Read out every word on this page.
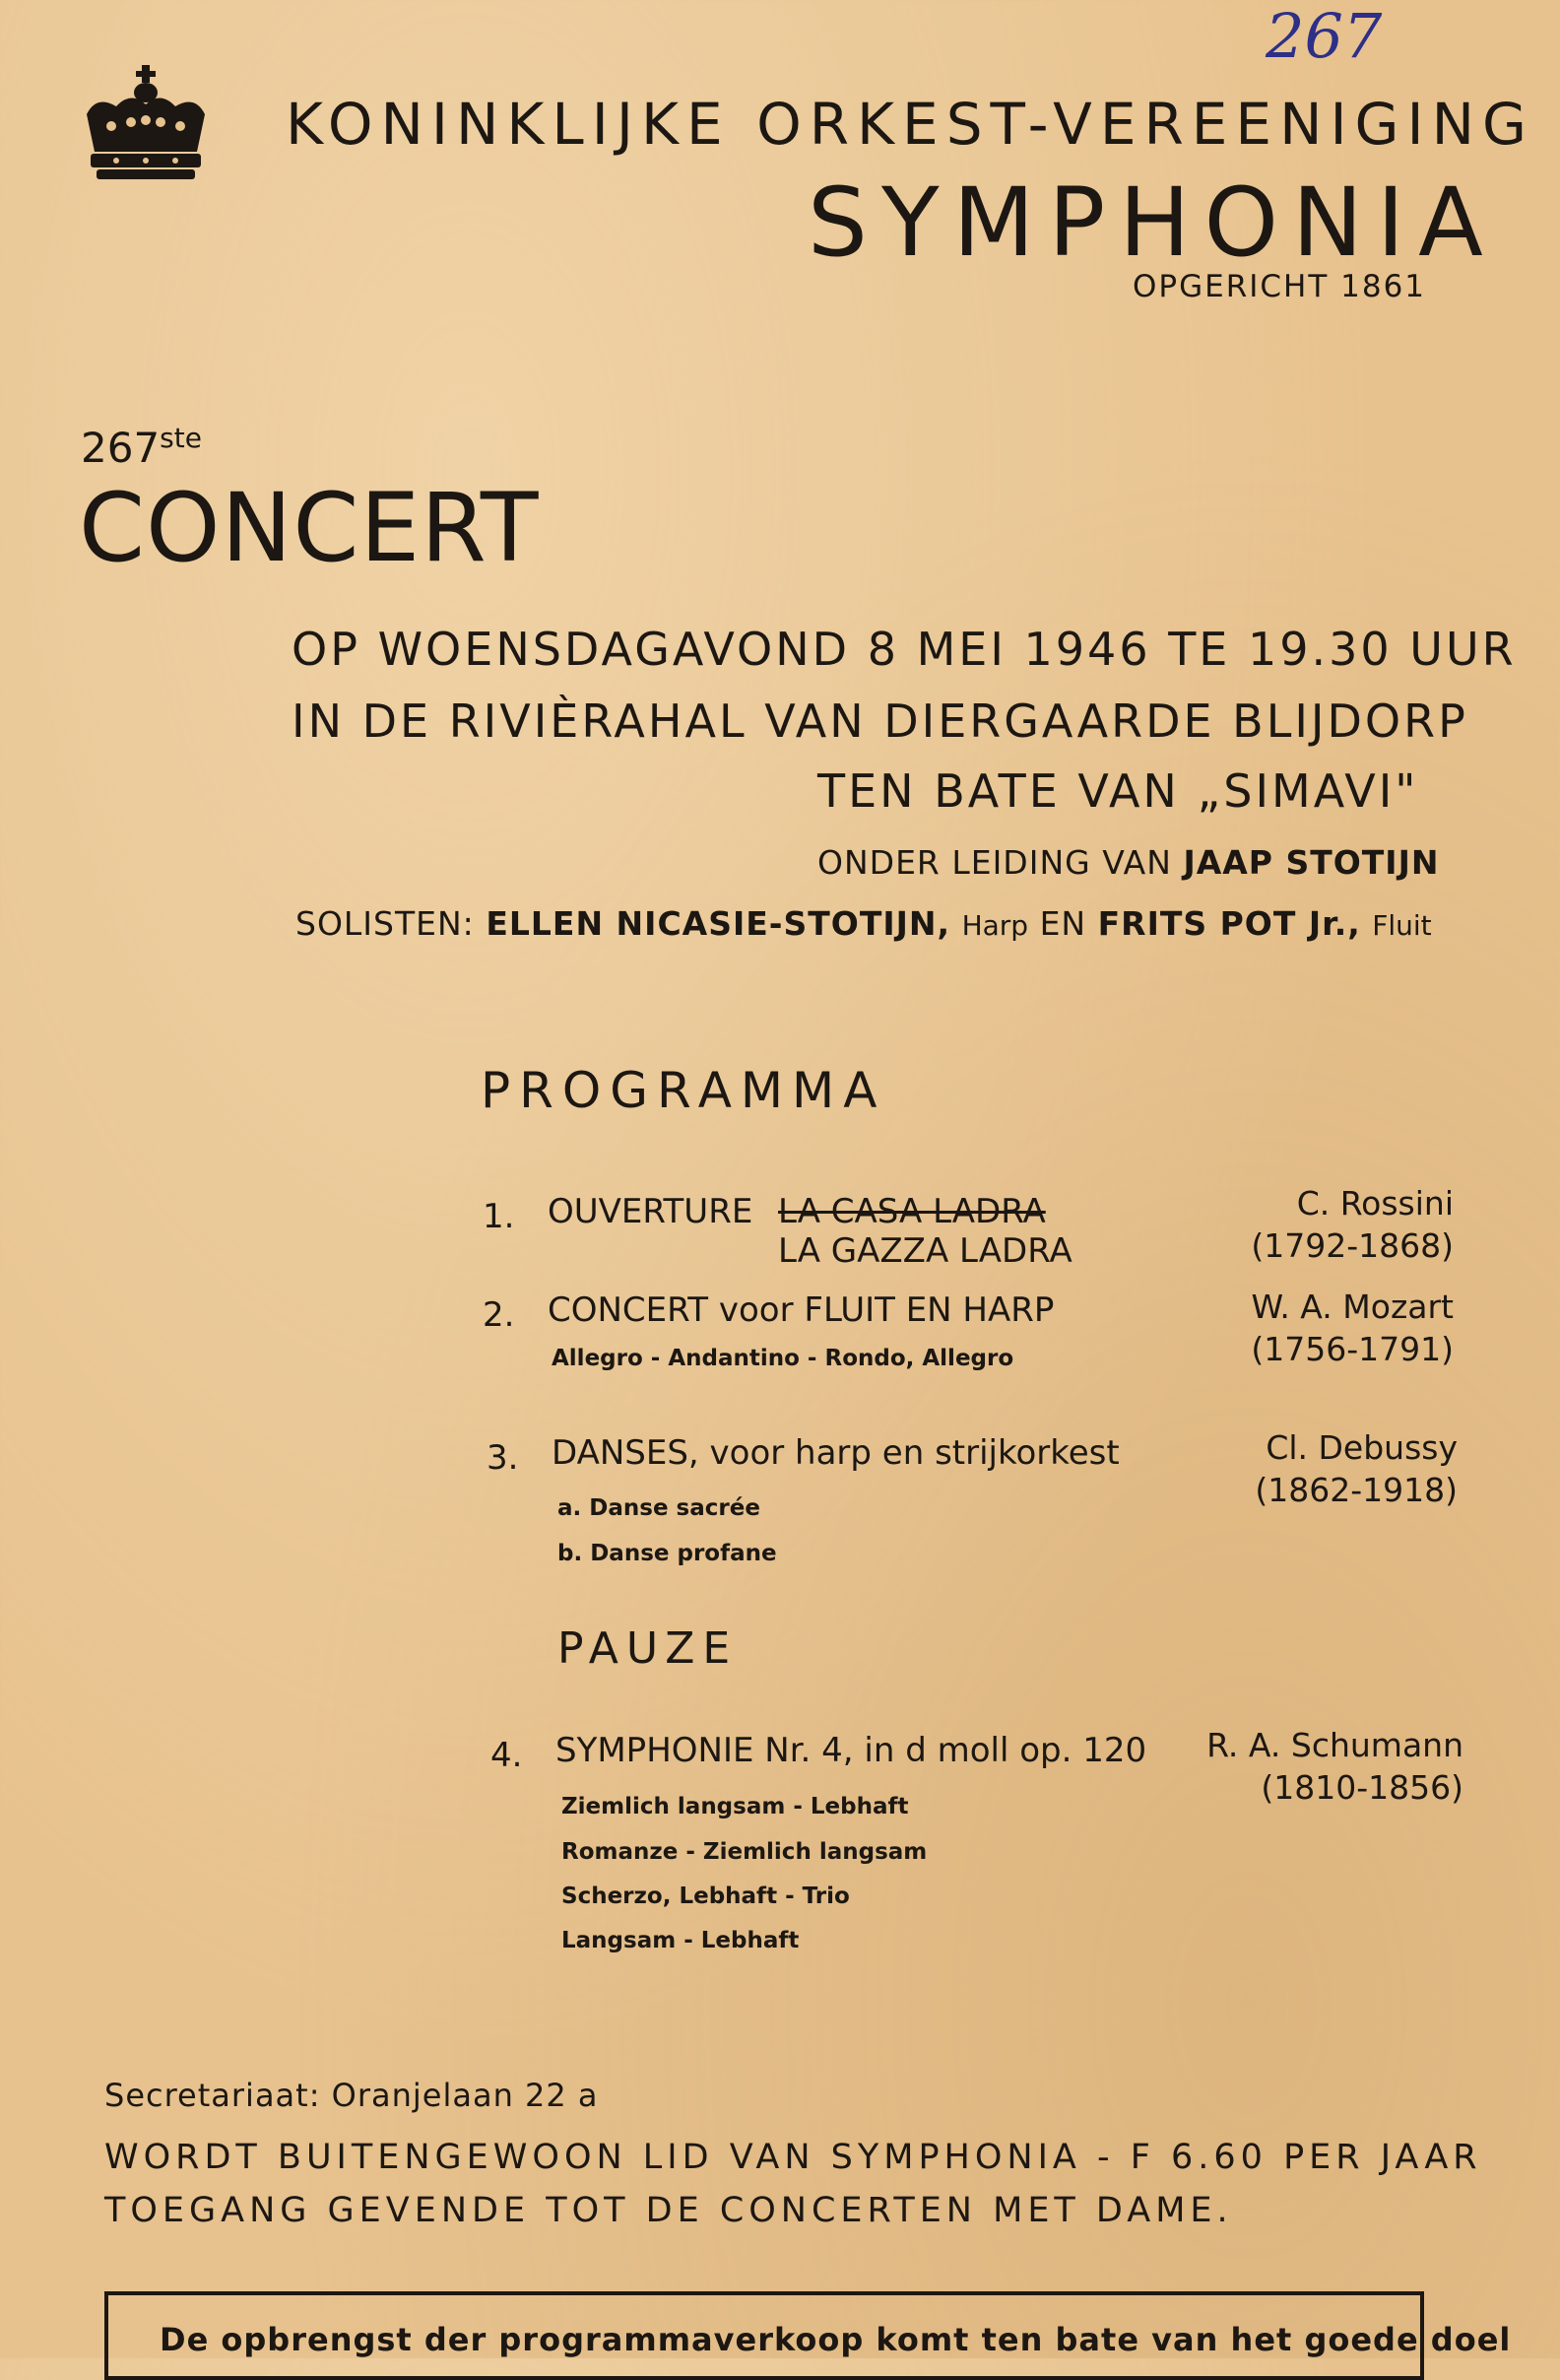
267
KONINKLIJKE ORKEST-VEREENIGING
SYMPHONIA
OPGERICHT 1861
267ste
CONCERT
OP WOENSDAGAVOND 8 MEI 1946 TE 19.30 UUR
IN DE RIVIÈRAHAL VAN DIERGAARDE BLIJDORP
TEN BATE VAN „SIMAVI"
ONDER LEIDING VAN JAAP STOTIJN
SOLISTEN: ELLEN NICASIE-STOTIJN, Harp EN FRITS POT Jr., Fluit
PROGRAMMA
1. OUVERTURE LA CASA LADRA
LA GAZZA LADRA
C. Rossini
(1792-1868)
2. CONCERT voor FLUIT EN HARP
Allegro - Andantino - Rondo, Allegro
W. A. Mozart
(1756-1791)
3. DANSES, voor harp en strijkorkest
a. Danse sacrée
b. Danse profane
Cl. Debussy
(1862-1918)
PAUZE
4. SYMPHONIE Nr. 4, in d moll op. 120
Ziemlich langsam - Lebhaft
Romanze - Ziemlich langsam
Scherzo, Lebhaft - Trio
Langsam - Lebhaft
R. A. Schumann
(1810-1856)
Secretariaat: Oranjelaan 22 a
WORDT BUITENGEWOON LID VAN SYMPHONIA - F 6.60 PER JAAR
TOEGANG GEVENDE TOT DE CONCERTEN MET DAME.
De opbrengst der programmaverkoop komt ten bate van het goede doel
